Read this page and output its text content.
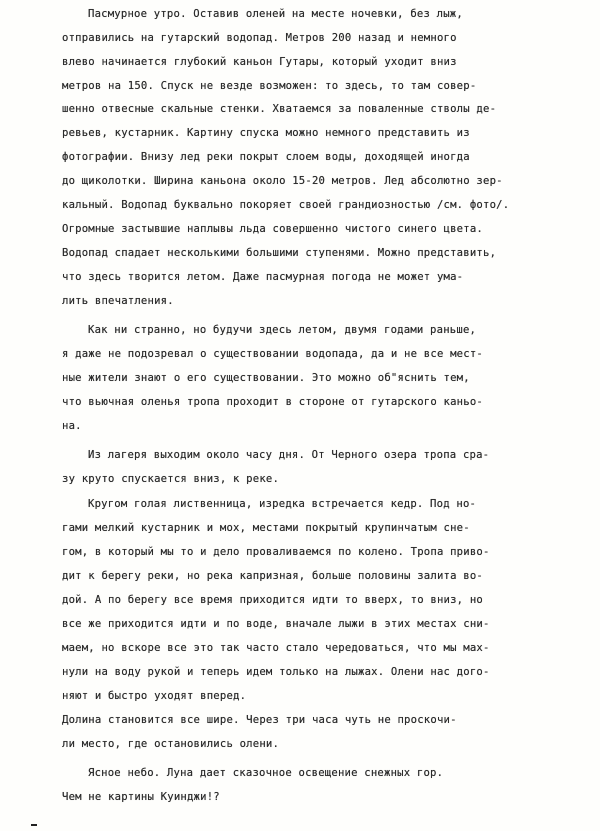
Пасмурное утро. Оставив оленей на месте ночевки, без лыж,
отправились на гутарский водопад. Метров 200 назад и немного
влево начинается глубокий каньон Гутары, который уходит вниз
метров на 150. Спуск не везде возможен: то здесь, то там совер-
шенно отвесные скальные стенки. Хватаемся за поваленные стволы де-
ревьев, кустарник. Картину спуска можно немного представить из
фотографии. Внизу лед реки покрыт слоем воды, доходящей иногда
до щиколотки. Ширина каньона около 15-20 метров. Лед абсолютно зер-
кальный. Водопад буквально покоряет своей грандиозностью /см. фото/.
Огромные застывшие наплывы льда совершенно чистого синего цвета.
Водопад спадает несколькими большими ступенями. Можно представить,
что здесь творится летом. Даже пасмурная погода не может умa-
лить впечатления.
Как ни странно, но будучи здесь летом, двумя годами раньше,
я даже не подозревал о существовании водопада, да и не все мест-
ные жители знают о его существовании. Это можно об"яснить тем,
что вьючная оленья тропа проходит в стороне от гутарского каньо-
на.
Из лагеря выходим около часу дня. От Черного озера тропа сра-
зу круто спускается вниз, к реке.
Кругом голая лиственница, изредка встречается кедр. Под но-
гами мелкий кустарник и мох, местами покрытый крупинчатым сне-
гом, в который мы то и дело проваливаемся по колено. Тропа приво-
дит к берегу реки, но река капризная, больше половины залита во-
дой. А по берегу все время приходится идти то вверх, то вниз, но
все же приходится идти и по воде, вначале лыжи в этих местах сни-
маем, но вскоре все это так часто стало чередоваться, что мы мах-
нули на воду рукой и теперь идем только на лыжах. Олени нас дого-
няют и быстро уходят вперед.
Долина становится все шире. Через три часа чуть не проскочи-
ли место, где остановились олени.
Ясное небо. Луна дает сказочное освещение снежных гор.
Чем не картины Куинджи!?
